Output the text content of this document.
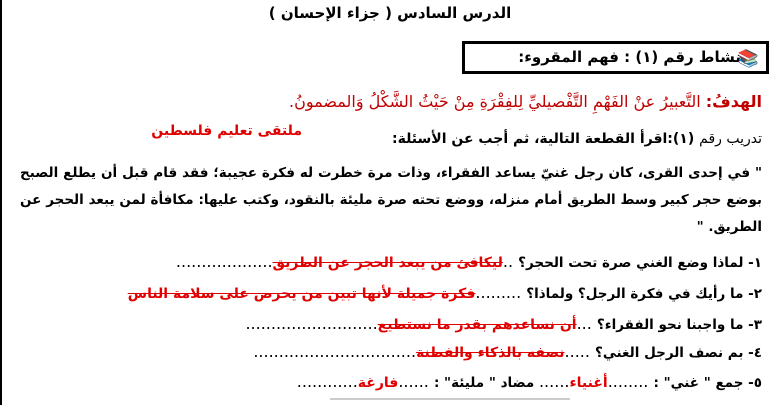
الدرس السادس ( جزاء الإحسان )
📚
نشاط رقم (١) : فهم المقروء:
الهدفُ: التَّعبيرُ عنْ الفَهْمِ التَّفْصيليِّ لِلفِقْرَةِ مِنْ حَيْثُ الشَّكْلُ وَالمضمونُ.
ملتقى تعليم فلسطين	تدريب رقم (١):اقرأ القطعة التالية، ثم أجب عن الأسئلة:
" في إحدى القرى، كان رجل غنيّ يساعد الفقراء، وذات مرة خطرت له فكرة عجيبة؛ فقد قام قبل أن يطلع الصبح بوضع حجر كبير وسط الطريق أمام منزله، ووضع تحته صرة مليئة بالنقود، وكتب عليها: مكافأة لمن يبعد الحجر عن الطريق. "
١- لماذا وضع الغني صرة تحت الحجر؟ ..ليكافئ من يبعد الحجر عن الطريق...................
٢- ما رأيك في فكرة الرجل؟ ولماذا؟ .........فكرة جميلة لأنها تبين من يحرص على سلامة الناس
٣- ما واجبنا نحو الفقراء؟ ...أن نساعدهم بقدر ما نستطيع..........................
٤- بم نصف الرجل الغني؟ .....نصفه بالذكاء والفطنة................................
٥- جمع " غني" : ........أغنياء...... مضاد " مليئة" : ......فارغة............
